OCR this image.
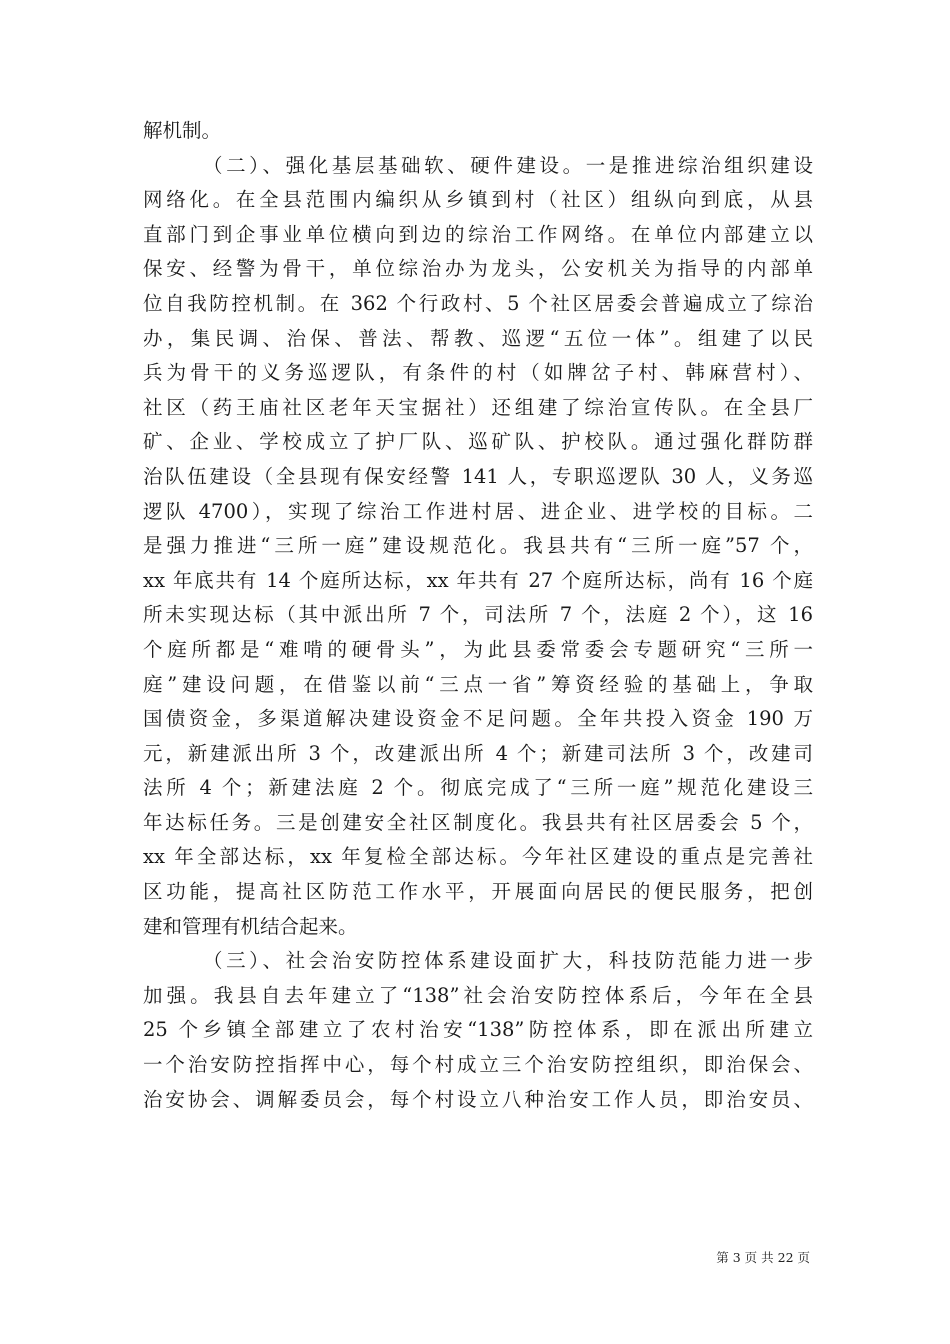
解机制。
（二）、强化基层基础软、硬件建设。一是推进综治组织建设
网络化。在全县范围内编织从乡镇到村（社区）组纵向到底，从县
直部门到企事业单位横向到边的综治工作网络。在单位内部建立以
保安、经警为骨干，单位综治办为龙头，公安机关为指导的内部单
位自我防控机制。在 362 个行政村、5 个社区居委会普遍成立了综治
办，集民调、治保、普法、帮教、巡逻“五位一体”。组建了以民
兵为骨干的义务巡逻队，有条件的村（如牌岔子村、韩麻营村）、
社区（药王庙社区老年天宝据社）还组建了综治宣传队。在全县厂
矿、企业、学校成立了护厂队、巡矿队、护校队。通过强化群防群
治队伍建设（全县现有保安经警 141 人，专职巡逻队 30 人，义务巡
逻队 4700），实现了综治工作进村居、进企业、进学校的目标。二
是强力推进“三所一庭”建设规范化。我县共有“三所一庭”57 个，
xx 年底共有 14 个庭所达标，xx 年共有 27 个庭所达标，尚有 16 个庭
所未实现达标（其中派出所 7 个，司法所 7 个，法庭 2 个），这 16
个庭所都是“难啃的硬骨头”，为此县委常委会专题研究“三所一
庭”建设问题，在借鉴以前“三点一省”筹资经验的基础上，争取
国债资金，多渠道解决建设资金不足问题。全年共投入资金 190 万
元，新建派出所 3 个，改建派出所 4 个；新建司法所 3 个，改建司
法所 4 个；新建法庭 2 个。彻底完成了“三所一庭”规范化建设三
年达标任务。三是创建安全社区制度化。我县共有社区居委会 5 个，
xx 年全部达标，xx 年复检全部达标。今年社区建设的重点是完善社
区功能，提高社区防范工作水平，开展面向居民的便民服务，把创
建和管理有机结合起来。
（三）、社会治安防控体系建设面扩大，科技防范能力进一步
加强。我县自去年建立了“138”社会治安防控体系后，今年在全县
25 个乡镇全部建立了农村治安“138”防控体系，即在派出所建立
一个治安防控指挥中心，每个村成立三个治安防控组织，即治保会、
治安协会、调解委员会，每个村设立八种治安工作人员，即治安员、
第 3 页 共 22 页
